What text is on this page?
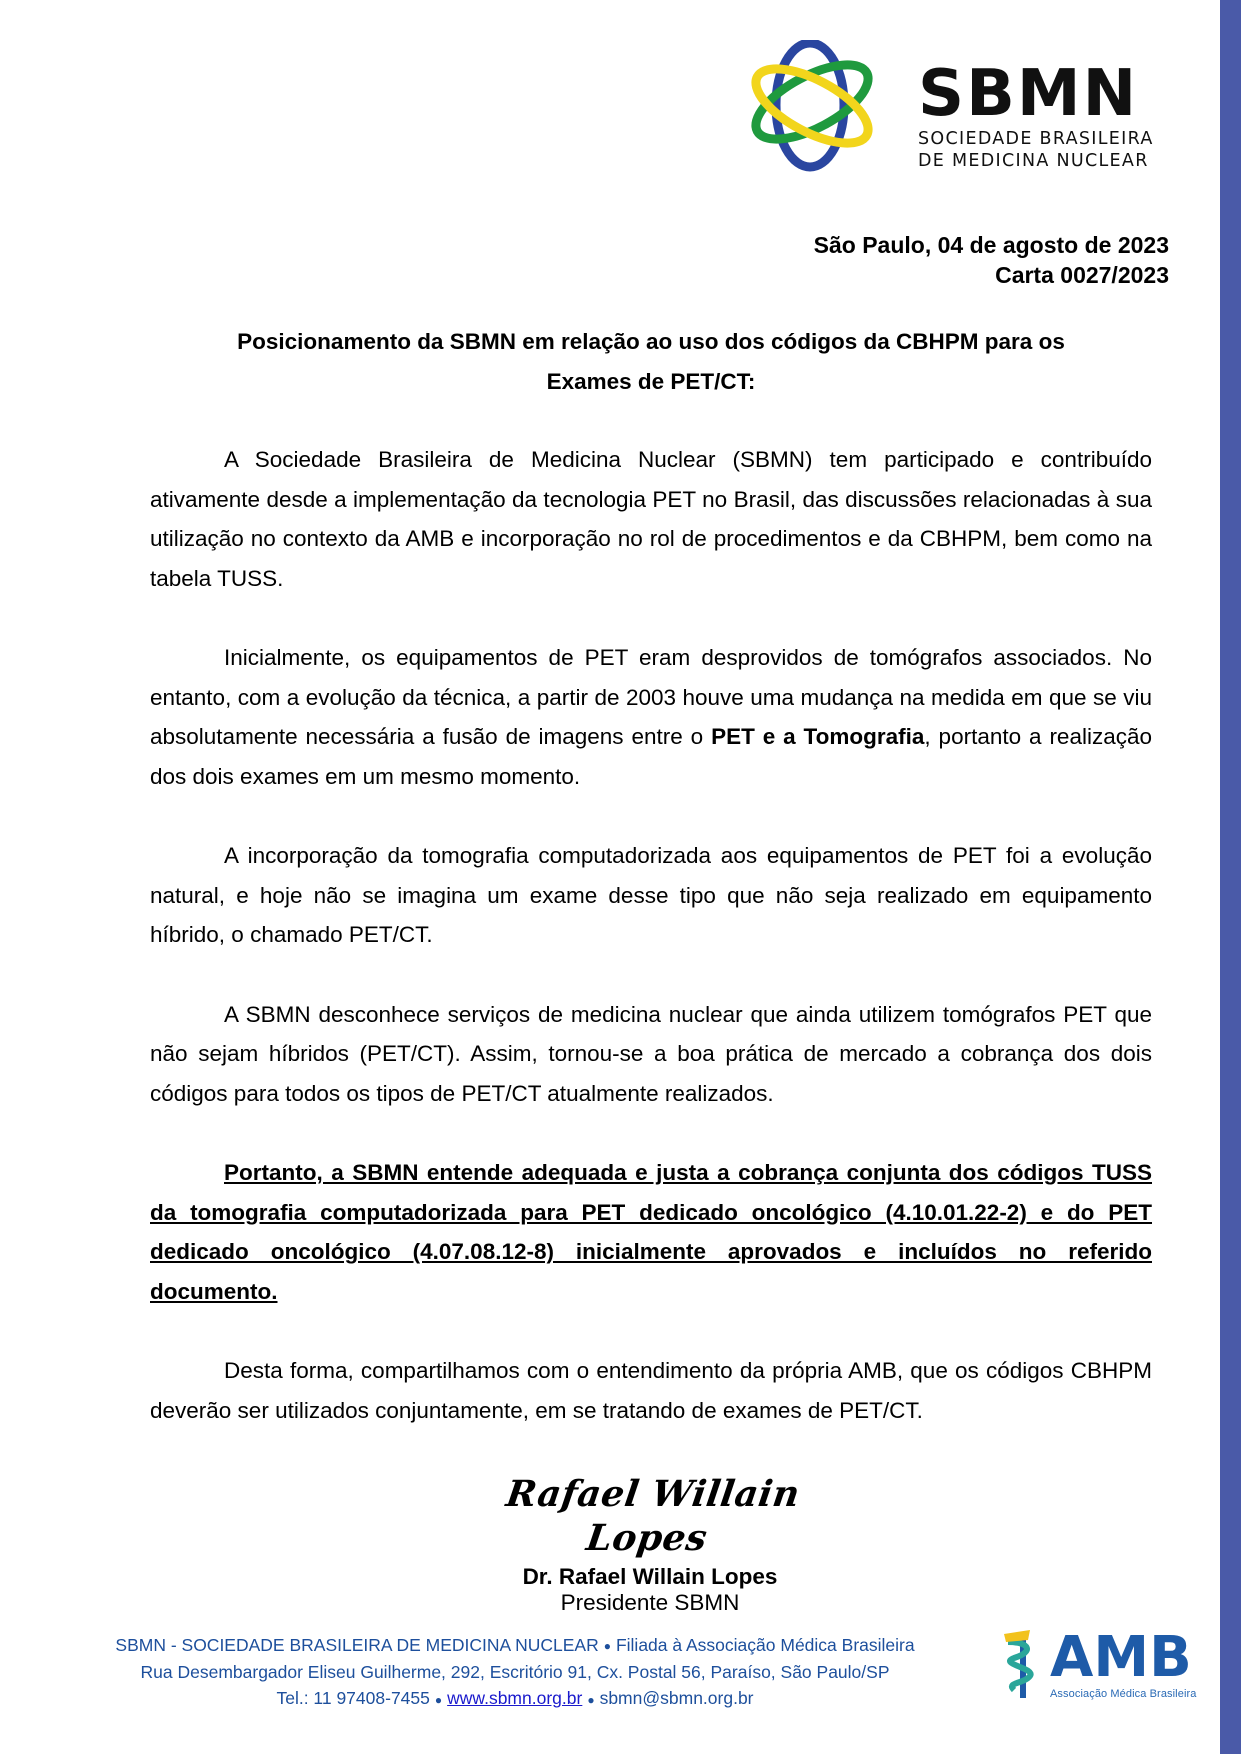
SBMN
SOCIEDADE BRASILEIRA
DE MEDICINA NUCLEAR
São Paulo, 04 de agosto de 2023
Carta 0027/2023
Posicionamento da SBMN em relação ao uso dos códigos da CBHPM para os
Exames de PET/CT:

A Sociedade Brasileira de Medicina Nuclear (SBMN) tem participado e contribuído ativamente desde a implementação da tecnologia PET no Brasil, das discussões relacionadas à sua utilização no contexto da AMB e incorporação no rol de procedimentos e da CBHPM, bem como na tabela TUSS.

Inicialmente, os equipamentos de PET eram desprovidos de tomógrafos associados. No entanto, com a evolução da técnica, a partir de 2003 houve uma mudança na medida em que se viu absolutamente necessária a fusão de imagens entre o PET e a Tomografia, portanto a realização dos dois exames em um mesmo momento.

A incorporação da tomografia computadorizada aos equipamentos de PET foi a evolução natural, e hoje não se imagina um exame desse tipo que não seja realizado em equipamento híbrido, o chamado PET/CT.

A SBMN desconhece serviços de medicina nuclear que ainda utilizem tomógrafos PET que não sejam híbridos (PET/CT). Assim, tornou-se a boa prática de mercado a cobrança dos dois códigos para todos os tipos de PET/CT atualmente realizados.

Portanto, a SBMN entende adequada e justa a cobrança conjunta dos códigos TUSS da tomografia computadorizada para PET dedicado oncológico (4.10.01.22-2) e do PET dedicado oncológico (4.07.08.12-8) inicialmente aprovados e incluídos no referido documento.

Desta forma, compartilhamos com o entendimento da própria AMB, que os códigos CBHPM deverão ser utilizados conjuntamente, em se tratando de exames de PET/CT.

Rafael Willain Lopes
Dr. Rafael Willain Lopes
Presidente SBMN
SBMN - SOCIEDADE BRASILEIRA DE MEDICINA NUCLEAR ● Filiada à Associação Médica Brasileira
Rua Desembargador Eliseu Guilherme, 292, Escritório 91, Cx. Postal 56, Paraíso, São Paulo/SP
Tel.: 11 97408-7455 ● www.sbmn.org.br ● sbmn@sbmn.org.br
AMB
Associação Médica Brasileira
